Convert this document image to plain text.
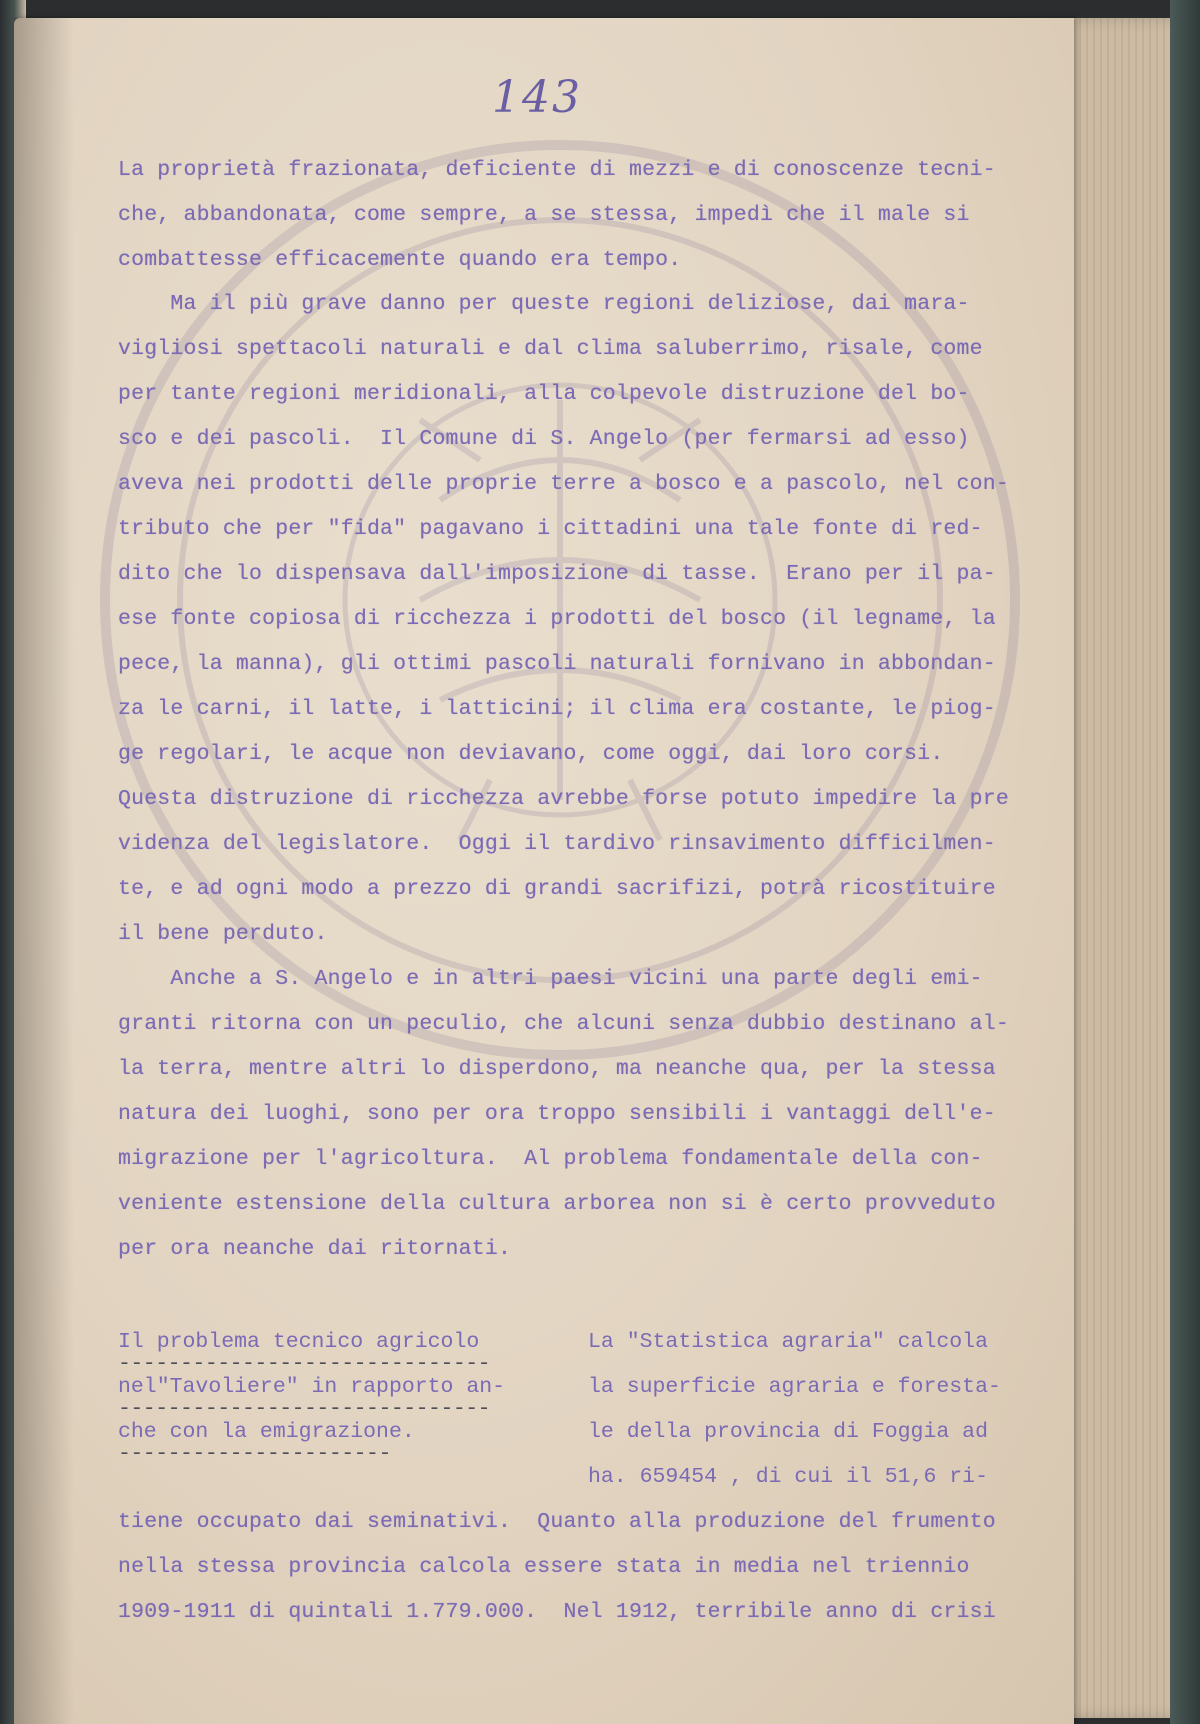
143
La proprietà frazionata, deficiente di mezzi e di conoscenze tecni-
che, abbandonata, come sempre, a se stessa, impedì che il male si
combattesse efficacemente quando era tempo.
Ma il più grave danno per queste regioni deliziose, dai mara-
vigliosi spettacoli naturali e dal clima saluberrimo, risale, come
per tante regioni meridionali, alla colpevole distruzione del bo-
sco e dei pascoli.  Il Comune di S. Angelo (per fermarsi ad esso)
aveva nei prodotti delle proprie terre a bosco e a pascolo, nel con-
tributo che per "fida" pagavano i cittadini una tale fonte di red-
dito che lo dispensava dall'imposizione di tasse.  Erano per il pa-
ese fonte copiosa di ricchezza i prodotti del bosco (il legname, la
pece, la manna), gli ottimi pascoli naturali fornivano in abbondan-
za le carni, il latte, i latticini; il clima era costante, le piog-
ge regolari, le acque non deviavano, come oggi, dai loro corsi.
Questa distruzione di ricchezza avrebbe forse potuto impedire la pre
videnza del legislatore.  Oggi il tardivo rinsavimento difficilmen-
te, e ad ogni modo a prezzo di grandi sacrifizi, potrà ricostituire
il bene perduto.
Anche a S. Angelo e in altri paesi vicini una parte degli emi-
granti ritorna con un peculio, che alcuni senza dubbio destinano al-
la terra, mentre altri lo disperdono, ma neanche qua, per la stessa
natura dei luoghi, sono per ora troppo sensibili i vantaggi dell'e-
migrazione per l'agricoltura.  Al problema fondamentale della con-
veniente estensione della cultura arborea non si è certo provveduto
per ora neanche dai ritornati.
Il problema tecnico agricolo
------------------------------
nel"Tavoliere" in rapporto an-
------------------------------
che con la emigrazione.
----------------------
La "Statistica agraria" calcola
la superficie agraria e foresta-
le della provincia di Foggia ad
ha. 659454 , di cui il 51,6 ri-
tiene occupato dai seminativi.  Quanto alla produzione del frumento
nella stessa provincia calcola essere stata in media nel triennio
1909-1911 di quintali 1.779.000.  Nel 1912, terribile anno di crisi
